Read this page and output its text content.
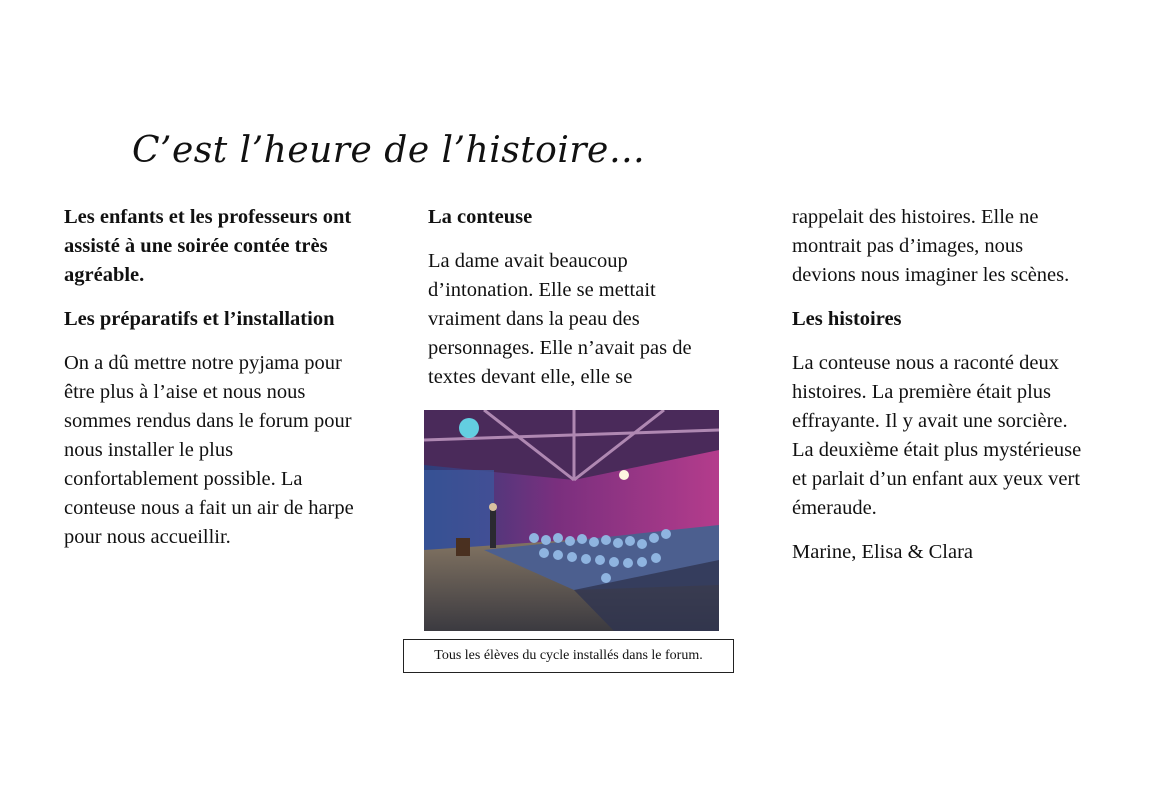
C’est l’heure de l’histoire…

Les enfants et les professeurs ont assisté à une soirée contée très agréable.

Les préparatifs et l’installation

On a dû mettre notre pyjama pour être plus à l’aise et nous nous sommes rendus dans le forum pour nous installer le plus confortablement possible. La conteuse nous a fait un air de harpe pour nous accueillir.

La conteuse

La dame avait beaucoup d’intonation. Elle se mettait vraiment dans la peau des personnages. Elle n’avait pas de textes devant elle, elle se

Tous les élèves du cycle installés dans le forum.

rappelait des histoires. Elle ne montrait pas d’images, nous devions nous imaginer les scènes.

Les histoires

La conteuse nous a raconté deux histoires. La première était plus effrayante. Il y avait une sorcière. La deuxième était plus mystérieuse et parlait d’un enfant aux yeux vert émeraude.

Marine, Elisa & Clara
